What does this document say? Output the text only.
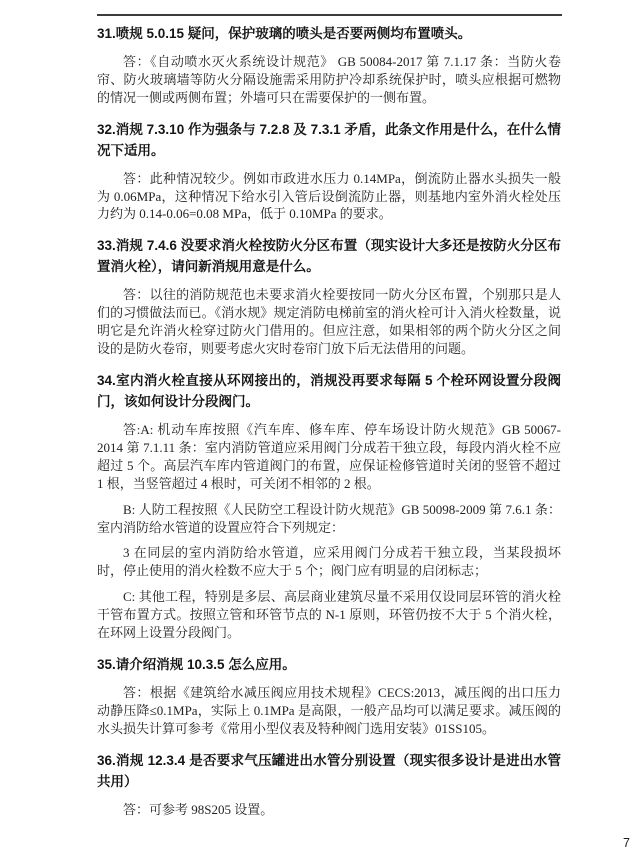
31.喷规 5.0.15 疑问，保护玻璃的喷头是否要两侧均布置喷头。

答：《自动喷水灭火系统设计规范》 GB 50084-2017 第 7.1.17 条：当防火卷帘、防火玻璃墙等防火分隔设施需采用防护冷却系统保护时，喷头应根据可燃物的情况一侧或两侧布置；外墙可只在需要保护的一侧布置。

32.消规 7.3.10 作为强条与 7.2.8 及 7.3.1 矛盾，此条文作用是什么，在什么情况下适用。

答：此种情况较少。例如市政进水压力 0.14MPa，倒流防止器水头损失一般为 0.06MPa，这种情况下给水引入管后设倒流防止器，则基地内室外消火栓处压力约为 0.14-0.06=0.08 MPa，低于 0.10MPa 的要求。

33.消规 7.4.6 没要求消火栓按防火分区布置（现实设计大多还是按防火分区布置消火栓），请问新消规用意是什么。

答：以往的消防规范也未要求消火栓要按同一防火分区布置，个别那只是人们的习惯做法而已。《消水规》规定消防电梯前室的消火栓可计入消火栓数量，说明它是允许消火栓穿过防火门借用的。但应注意，如果相邻的两个防火分区之间设的是防火卷帘，则要考虑火灾时卷帘门放下后无法借用的问题。

34.室内消火栓直接从环网接出的，消规没再要求每隔 5 个栓环网设置分段阀门，该如何设计分段阀门。

答:A: 机动车库按照《汽车库、修车库、停车场设计防火规范》GB 50067-2014 第 7.1.11 条：室内消防管道应采用阀门分成若干独立段，每段内消火栓不应超过 5 个。高层汽车库内管道阀门的布置，应保证检修管道时关闭的竖管不超过 1 根，当竖管超过 4 根时，可关闭不相邻的 2 根。

B: 人防工程按照《人民防空工程设计防火规范》GB 50098-2009 第 7.6.1 条：室内消防给水管道的设置应符合下列规定：

3 在同层的室内消防给水管道，应采用阀门分成若干独立段，当某段损坏时，停止使用的消火栓数不应大于 5 个；阀门应有明显的启闭标志；

C: 其他工程，特别是多层、高层商业建筑尽量不采用仅设同层环管的消火栓干管布置方式。按照立管和环管节点的 N-1 原则，环管仍按不大于 5 个消火栓，在环网上设置分段阀门。

35.请介绍消规 10.3.5 怎么应用。

答：根据《建筑给水减压阀应用技术规程》CECS:2013，减压阀的出口压力动静压降≤0.1MPa，实际上 0.1MPa 是高限，一般产品均可以满足要求。减压阀的水头损失计算可参考《常用小型仪表及特种阀门选用安装》01SS105。

36.消规 12.3.4 是否要求气压罐进出水管分别设置（现实很多设计是进出水管共用）

答：可参考 98S205 设置。

7
